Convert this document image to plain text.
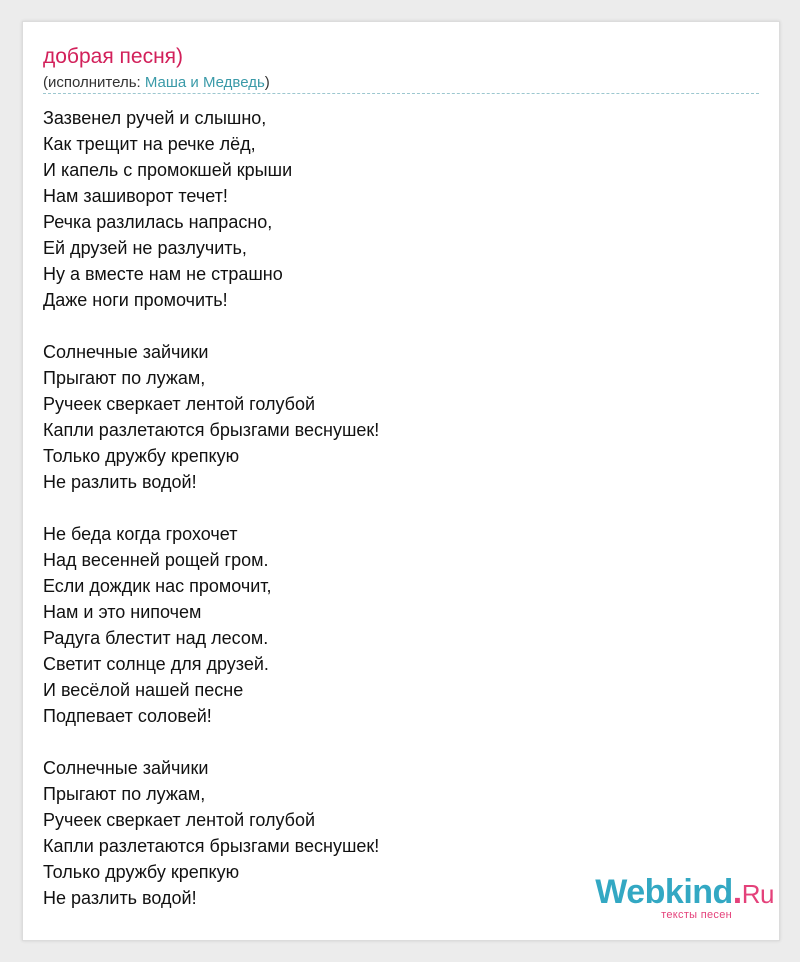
добрая песня)
(исполнитель: Маша и Медведь)
Зазвенел ручей и слышно,
Как трещит на речке лёд,
И капель с промокшей крыши
Нам зашиворот течет!
Речка разлилась напрасно,
Ей друзей не разлучить,
Ну а вместе нам не страшно
Даже ноги промочить!
Солнечные зайчики
Прыгают по лужам,
Ручеек сверкает лентой голубой
Капли разлетаются брызгами веснушек!
Только дружбу крепкую
Не разлить водой!
Не беда когда грохочет
Над весенней рощей гром.
Если дождик нас промочит,
Нам и это нипочем
Радуга блестит над лесом.
Светит солнце для друзей.
И весёлой нашей песне
Подпевает соловей!
Солнечные зайчики
Прыгают по лужам,
Ручеек сверкает лентой голубой
Капли разлетаются брызгами веснушек!
Только дружбу крепкую
Не разлить водой!	Webkind.Ru
тексты песен
